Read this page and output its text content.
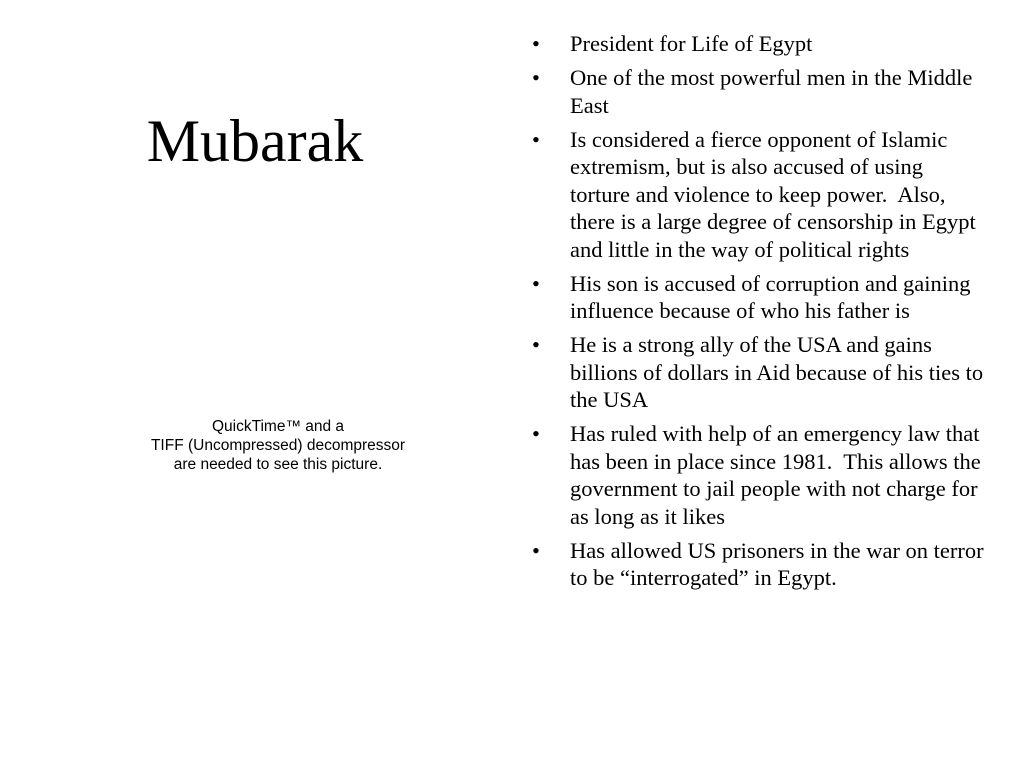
Mubarak
QuickTime™ and a
TIFF (Uncompressed) decompressor
are needed to see this picture.
• President for Life of Egypt
• One of the most powerful men in the Middle East
• Is considered a fierce opponent of Islamic extremism, but is also accused of using torture and violence to keep power.  Also, there is a large degree of censorship in Egypt and little in the way of political rights
• His son is accused of corruption and gaining influence because of who his father is
• He is a strong ally of the USA and gains billions of dollars in Aid because of his ties to the USA
• Has ruled with help of an emergency law that has been in place since 1981.  This allows the government to jail people with not charge for as long as it likes
• Has allowed US prisoners in the war on terror to be “interrogated” in Egypt.
